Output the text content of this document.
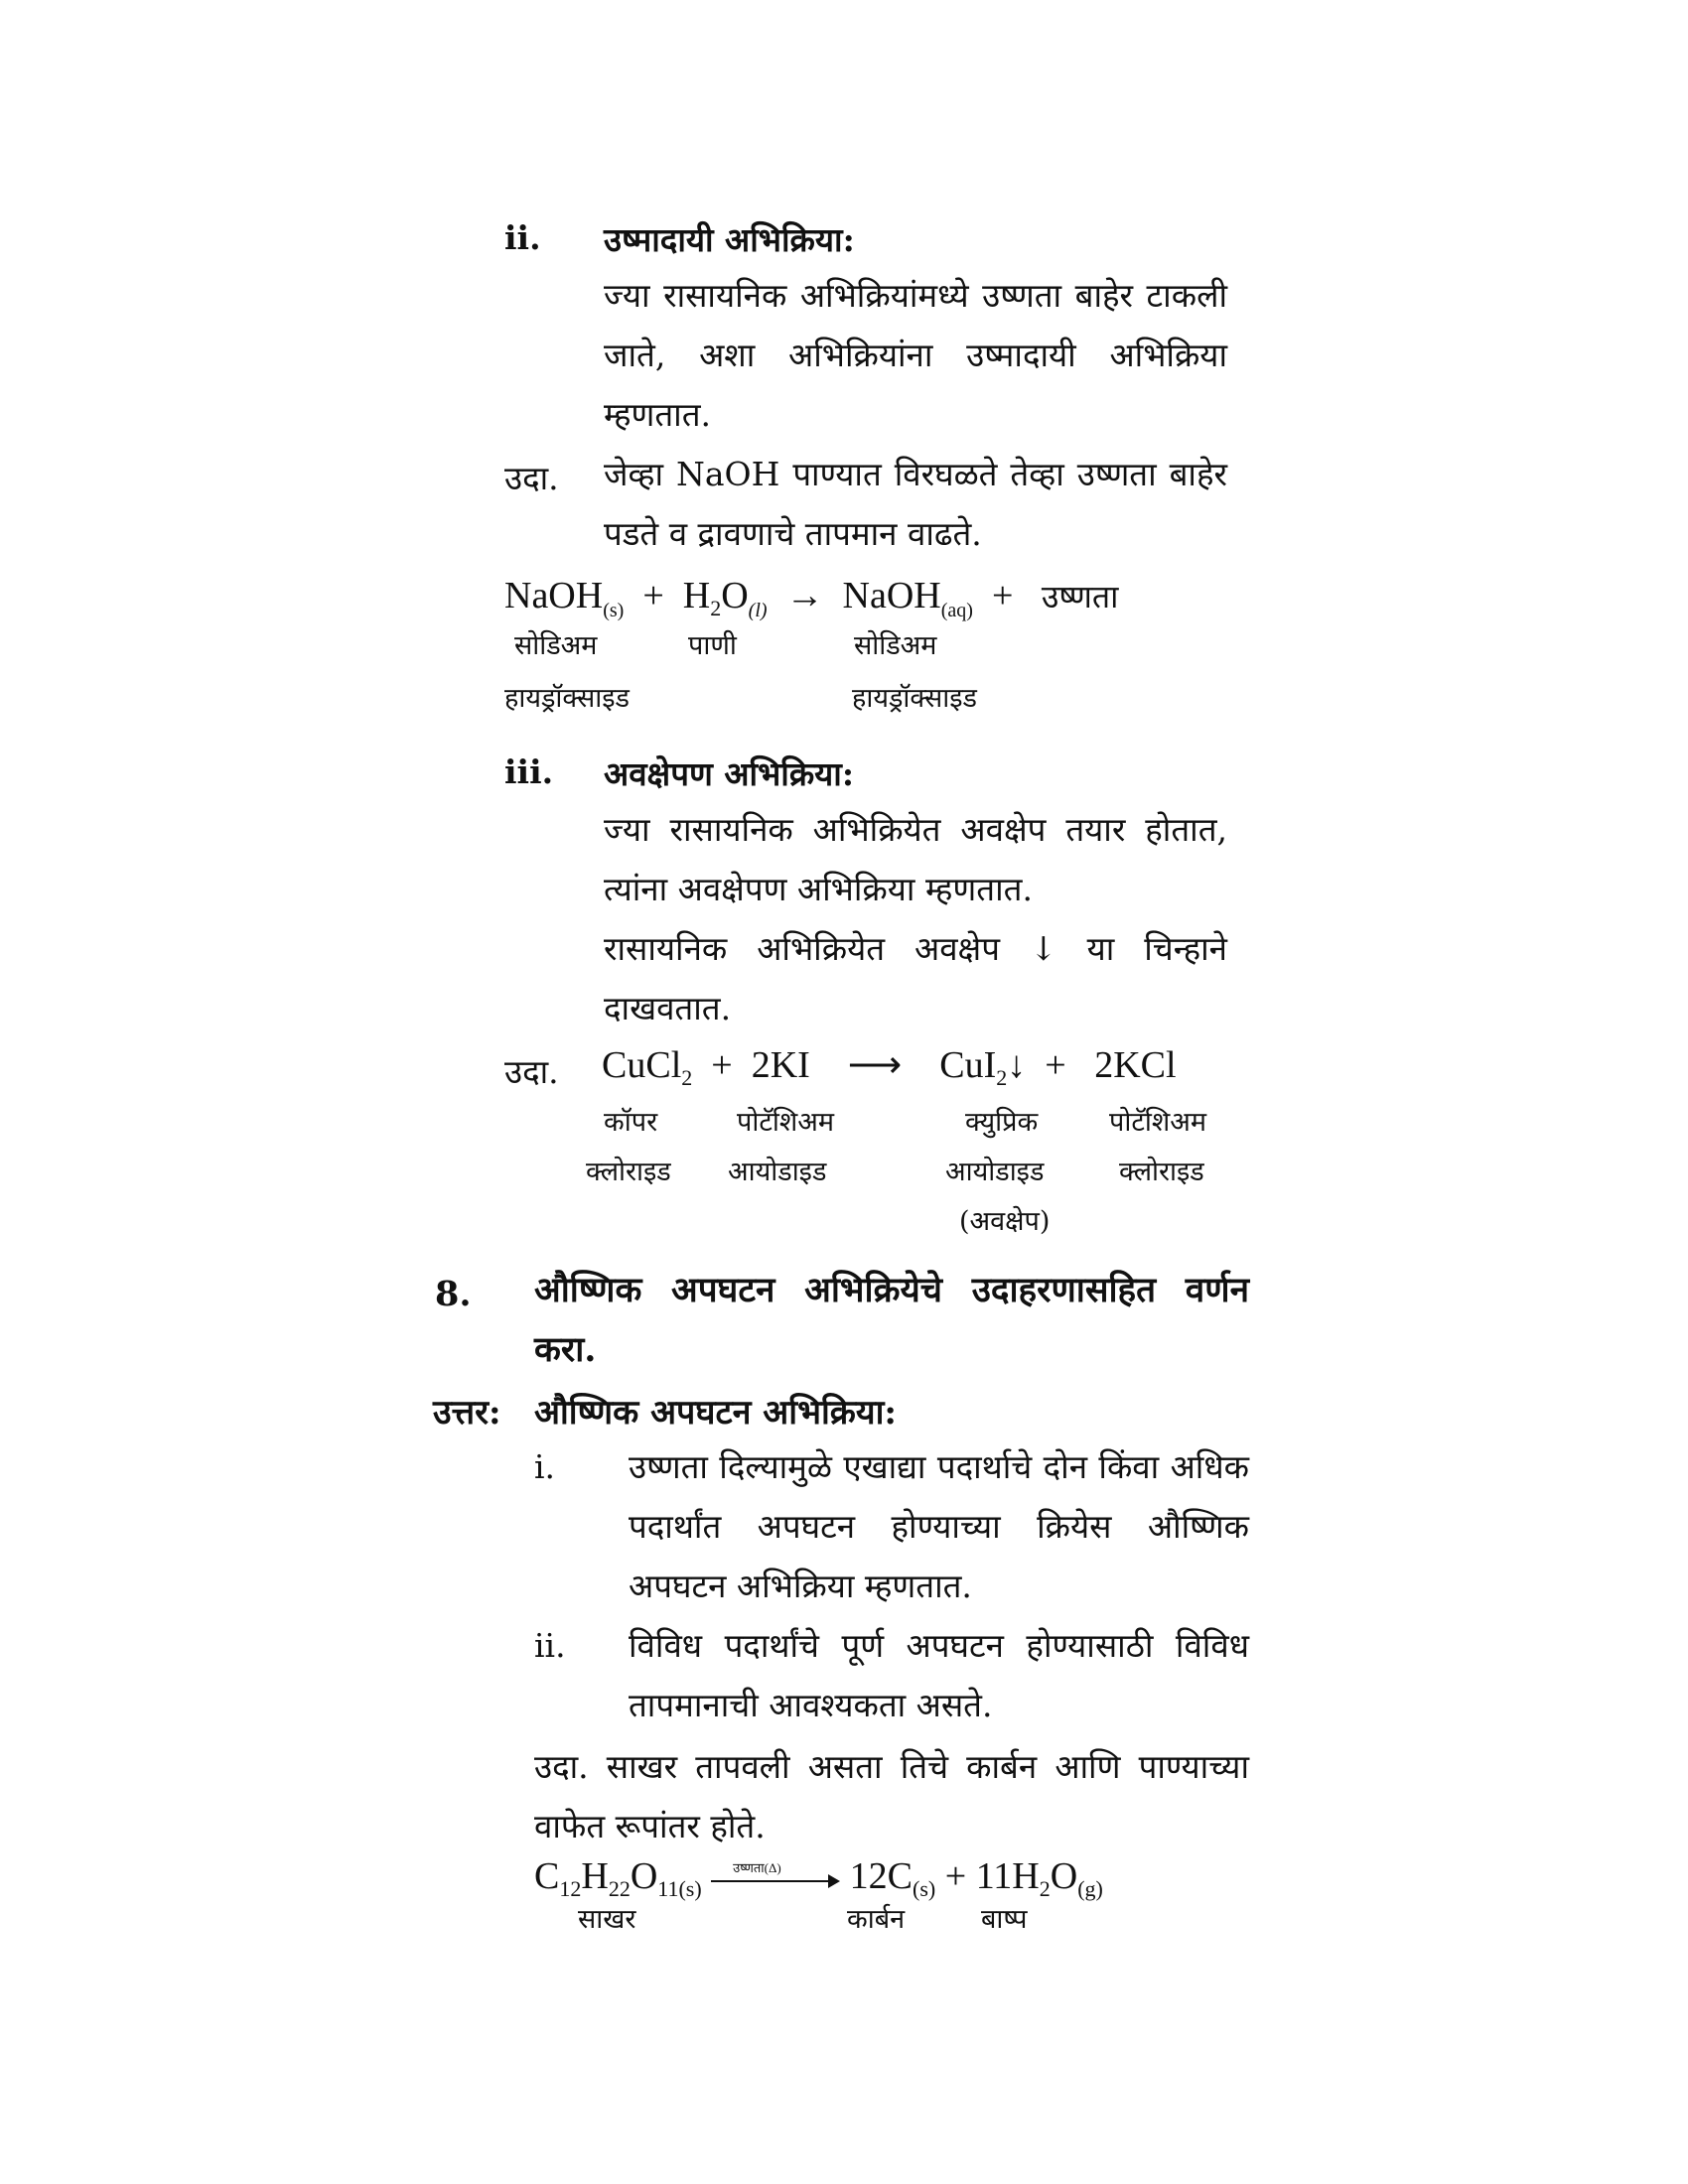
ii. उष्मादायी अभिक्रिया:
ज्या रासायनिक अभिक्रियांमध्ये उष्णता बाहेर टाकली जाते, अशा अभिक्रियांना उष्मादायी अभिक्रिया म्हणतात.
उदा. जेव्हा NaOH पाण्यात विरघळते तेव्हा उष्णता बाहेर पडते व द्रावणाचे तापमान वाढते.
NaOH$_{(s)}$ + $H_2O_{(l)}$ → NaOH$_{(aq)}$ + उष्णता
सोडिअम
हायड्रॉक्साइड
पाणी	सोडिअम
हायड्रॉक्साइड
iii. अवक्षेपण अभिक्रिया:
ज्या रासायनिक अभिक्रियेत अवक्षेप तयार होतात, त्यांना अवक्षेपण अभिक्रिया म्हणतात.
रासायनिक अभिक्रियेत अवक्षेप ↓ या चिन्हाने दाखवतात.
उदा. CuCl$_2$ + 2KI ⟶ CuI$_2$↓ + 2KCl
कॉपर
क्लोराइड
पोटॅशिअम
आयोडाइड
क्युप्रिक
आयोडाइड
(अवक्षेप)
पोटॅशिअम
क्लोराइड
8. औष्णिक अपघटन अभिक्रियेचे उदाहरणासहित वर्णन करा.
उत्तर: औष्णिक अपघटन अभिक्रिया:
i. उष्णता दिल्यामुळे एखाद्या पदार्थाचे दोन किंवा अधिक पदार्थांत अपघटन होण्याच्या क्रियेस औष्णिक अपघटन अभिक्रिया म्हणतात.
ii. विविध पदार्थांचे पूर्ण अपघटन होण्यासाठी विविध तापमानाची आवश्यकता असते.
उदा. साखर तापवली असता तिचे कार्बन आणि पाण्याच्या वाफेत रूपांतर होते.
$C_{12}H_{22}O_{11(s)}$
उष्णता(Δ) $12C_{(s)} + 11H_2O_{(g)}$
साखर	कार्बन	बाष्प
